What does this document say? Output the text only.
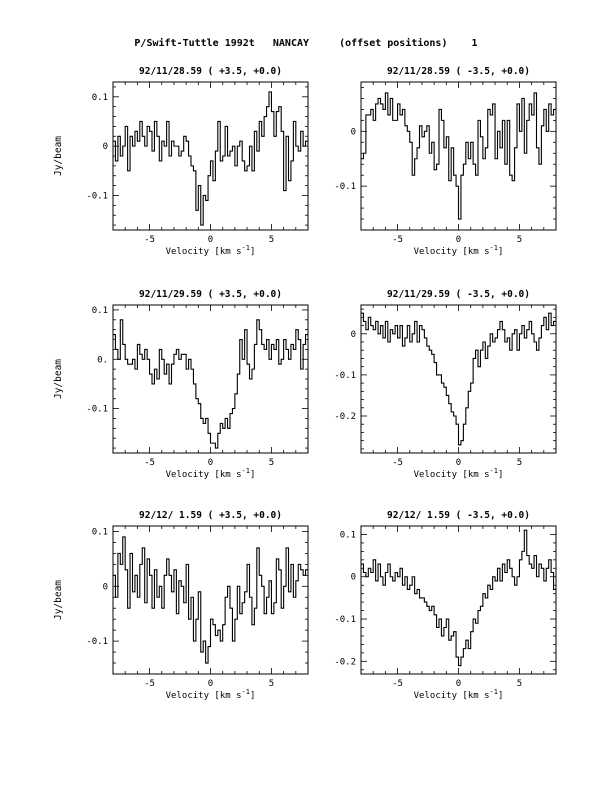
P/Swift-Tuttle 1992t   NANCAY     (offset positions)    1
-5	0	5
-0.1
0
0.1
92/11/28.59 ( +3.5, +0.0)
Velocity [km $s^{-1}$]
Jy/beam
-5	0	5
-0.1
0
92/11/28.59 ( -3.5, +0.0)
Velocity [km $s^{-1}$]
-5	0	5
-0.1
0.
0.1
92/11/29.59 ( +3.5, +0.0)
Velocity [km $s^{-1}$]
Jy/beam
-5	0	5
-0.2
-0.1
0
92/11/29.59 ( -3.5, +0.0)
Velocity [km $s^{-1}$]
-5	0	5
-0.1
0
0.1
92/12/ 1.59 ( +3.5, +0.0)
Velocity [km $s^{-1}$]
Jy/beam
-5	0	5
-0.2
-0.1
0
0.1
92/12/ 1.59 ( -3.5, +0.0)
Velocity [km $s^{-1}$]
